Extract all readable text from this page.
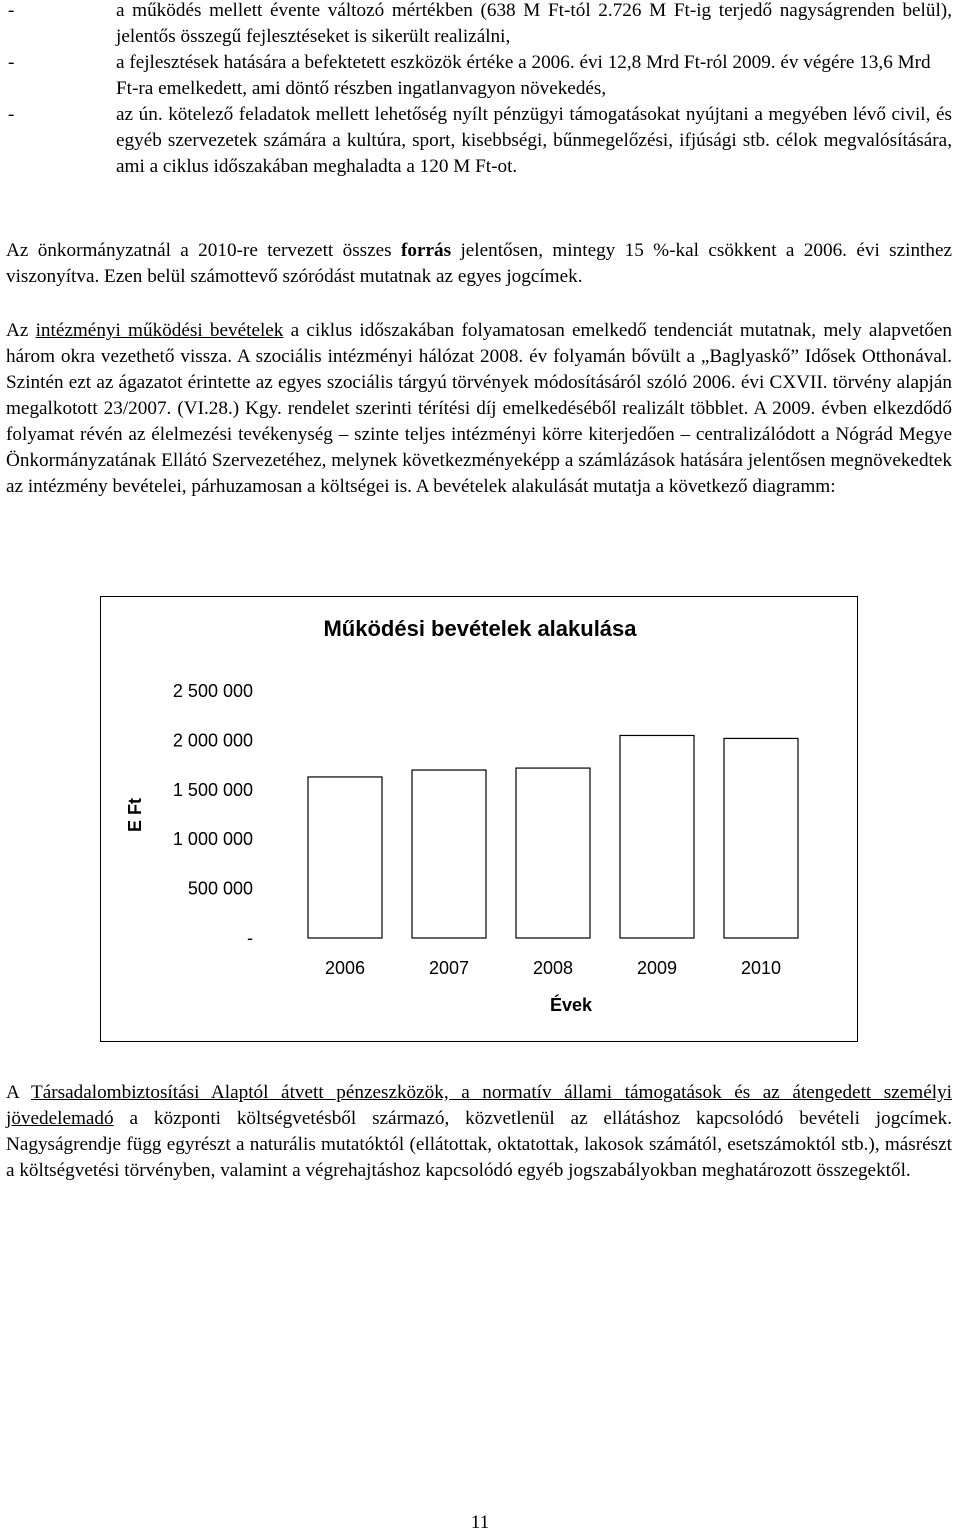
-	a működés mellett évente változó mértékben (638 M Ft-tól 2.726 M Ft-ig terjedő nagyságrenden belül), jelentős összegű fejlesztéseket is sikerült realizálni,
-	a fejlesztések hatására a befektetett eszközök értéke a 2006. évi 12,8 Mrd Ft-ról 2009. év végére 13,6 Mrd Ft-ra emelkedett, ami döntő részben ingatlanvagyon növekedés,
-	az ún. kötelező feladatok mellett lehetőség nyílt pénzügyi támogatásokat nyújtani a megyében lévő civil, és egyéb szervezetek számára a kultúra, sport, kisebbségi, bűnmegelőzési, ifjúsági stb. célok megvalósítására, ami a ciklus időszakában meghaladta a 120 M Ft-ot.
Az önkormányzatnál a 2010-re tervezett összes forrás jelentősen, mintegy 15 %-kal csökkent a 2006. évi szinthez viszonyítva. Ezen belül számottevő szóródást mutatnak az egyes jogcímek.
Az intézményi működési bevételek a ciklus időszakában folyamatosan emelkedő tendenciát mutatnak, mely alapvetően három okra vezethető vissza. A szociális intézményi hálózat 2008. év folyamán bővült a „Baglyaskő” Idősek Otthonával. Szintén ezt az ágazatot érintette az egyes szociális tárgyú törvények módosításáról szóló 2006. évi CXVII. törvény alapján megalkotott 23/2007. (VI.28.) Kgy. rendelet szerinti térítési díj emelkedéséből realizált többlet. A 2009. évben elkezdődő folyamat révén az élelmezési tevékenység – szinte teljes intézményi körre kiterjedően – centralizálódott a Nógrád Megye Önkormányzatának Ellátó Szervezetéhez, melynek következményeképp a számlázások hatására jelentősen megnövekedtek az intézmény bevételei, párhuzamosan a költségei is. A bevételek alakulását mutatja a következő diagramm:
Működési bevételek alakulása
E Ft
-
500 000
1 000 000
1 500 000
2 000 000
2 500 000
2006	2007	2008	2009	2010
Évek
A Társadalombiztosítási Alaptól átvett pénzeszközök, a normatív állami támogatások és az átengedett személyi jövedelemadó a központi költségvetésből származó, közvetlenül az ellátáshoz kapcsolódó bevételi jogcímek. Nagyságrendje függ egyrészt a naturális mutatóktól (ellátottak, oktatottak, lakosok számától, esetszámoktól stb.), másrészt a költségvetési törvényben, valamint a végrehajtáshoz kapcsolódó egyéb jogszabályokban meghatározott összegektől.
11
